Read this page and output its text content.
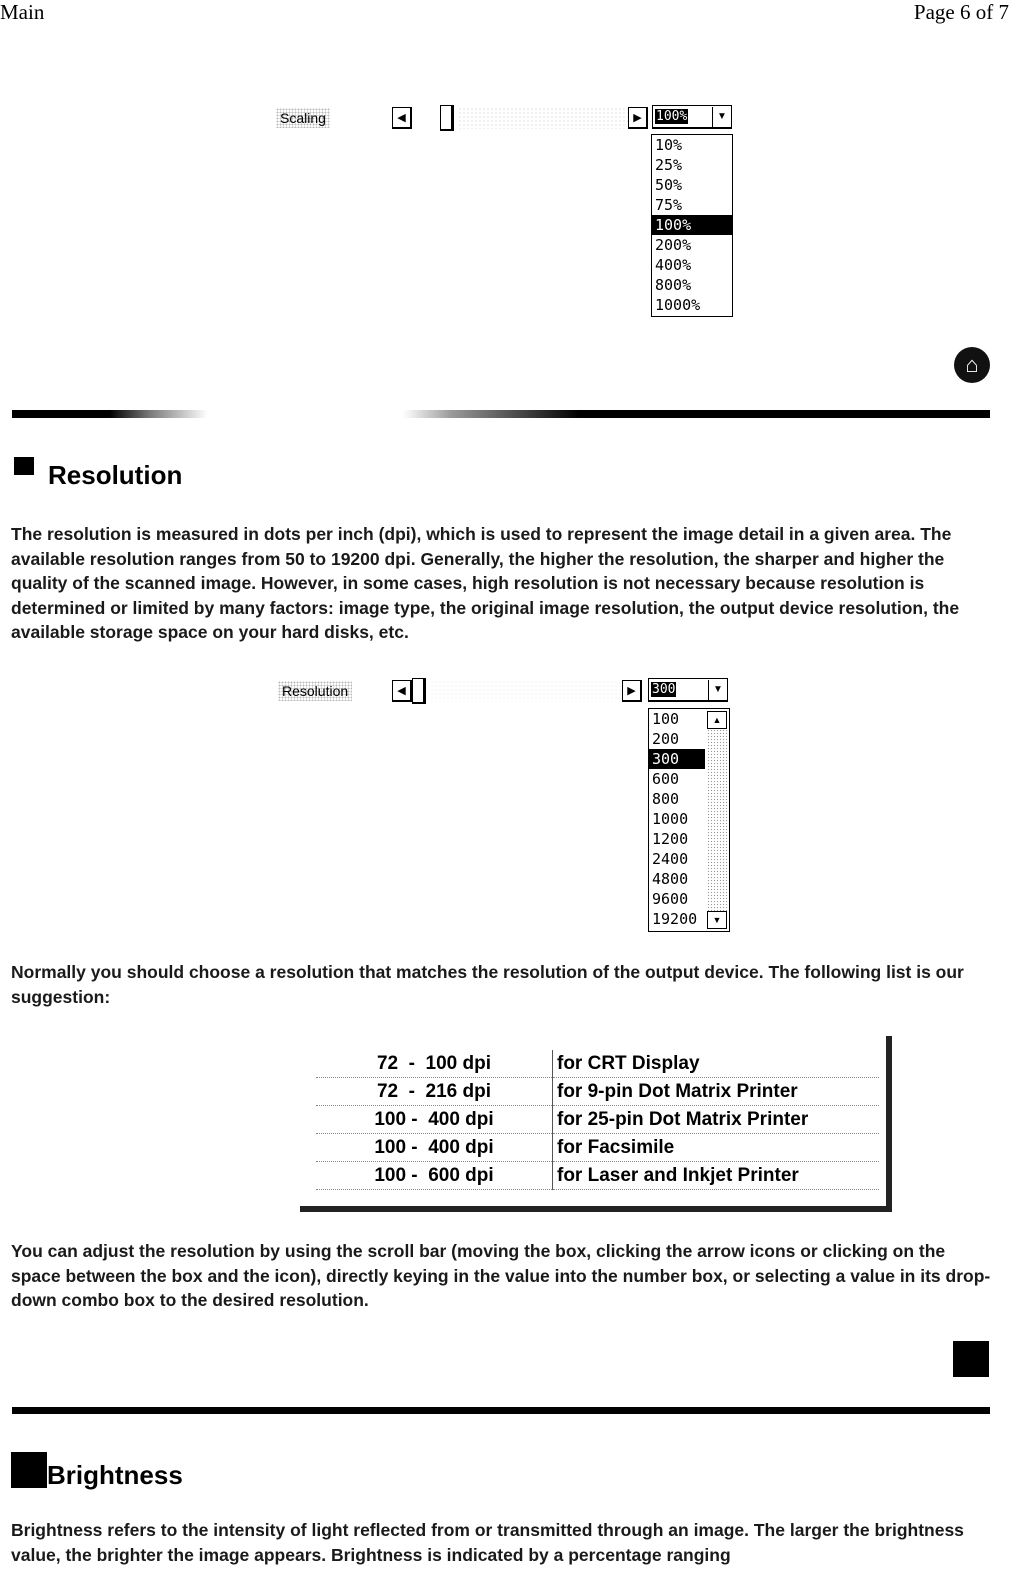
Main	Page 6 of 7
Scaling	◀	▶	100%	▼
10%
25%
50%
75%
100%
200%
400%
800%
1000%
⌂
Resolution
The resolution is measured in dots per inch (dpi), which is used to represent the image detail in a given area. The available resolution ranges from 50 to 19200 dpi. Generally, the higher the resolution, the sharper and higher the quality of the scanned image. However, in some cases, high resolution is not necessary because resolution is determined or limited by many factors: image type, the original image resolution, the output device resolution, the available storage space on your hard disks, etc.
Resolution	◀	▶	300	▼
100
200
300
600
800
1000
1200
2400
4800
9600
19200
▲
▼
Normally you should choose a resolution that matches the resolution of the output device. The following list is our suggestion:
72  -  100 dpi	for CRT Display
72  -  216 dpi	for 9-pin Dot Matrix Printer
100 -  400 dpi	for 25-pin Dot Matrix Printer
100 -  400 dpi	for Facsimile
100 -  600 dpi	for Laser and Inkjet Printer
You can adjust the resolution by using the scroll bar (moving the box, clicking the arrow icons or clicking on the space between the box and the icon), directly keying in the value into the number box, or selecting a value in its drop-down combo box to the desired resolution.
Brightness
Brightness refers to the intensity of light reflected from or transmitted through an image. The larger the brightness value, the brighter the image appears. Brightness is indicated by a percentage ranging
